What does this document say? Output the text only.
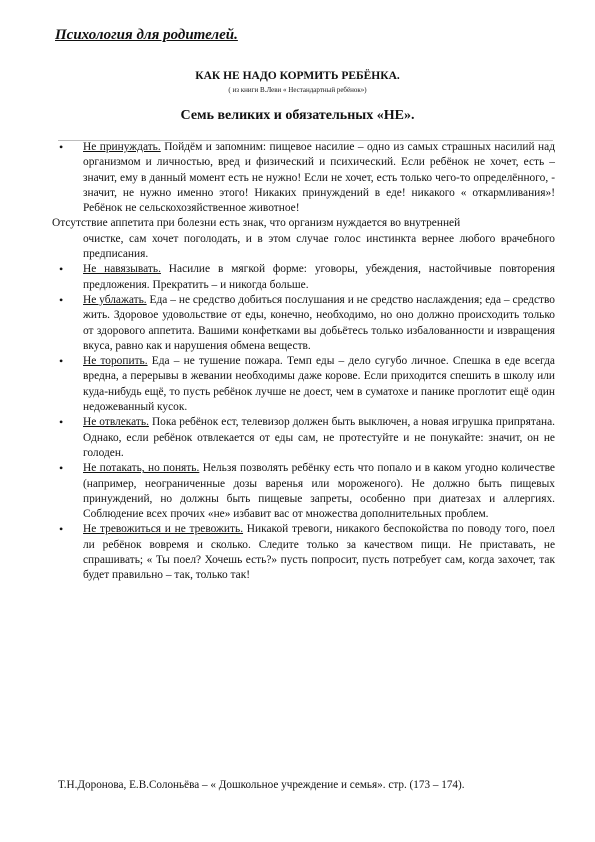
Психология для родителей.
КАК НЕ НАДО КОРМИТЬ РЕБЁНКА.
( из книги В.Леви « Нестандартный ребёнок»)
Семь великих и обязательных «НЕ».
• Не принуждать. Пойдём и запомним: пищевое насилие – одно из самых страшных насилий над организмом и личностью, вред и физический и психический. Если ребёнок не хочет, есть – значит, ему в данный момент есть не нужно! Если не хочет, есть только чего-то определённого, - значит, не нужно именно этого! Никаких принуждений в еде! никакого « откармливания»! Ребёнок не сельскохозяйственное животное!
Отсутствие аппетита при болезни есть знак, что организм нуждается во внутренней
очистке, сам хочет поголодать, и в этом случае голос инстинкта вернее любого врачебного предписания.
• Не навязывать. Насилие в мягкой форме: уговоры, убеждения, настойчивые повторения предложения. Прекратить – и никогда больше.
• Не ублажать. Еда – не средство добиться послушания и не средство наслаждения; еда – средство жить. Здоровое удовольствие от еды, конечно, необходимо, но оно должно происходить только от здорового аппетита. Вашими конфетками вы добьётесь только избалованности и извращения вкуса, равно как и нарушения обмена веществ.
• Не торопить. Еда – не тушение пожара. Темп еды – дело сугубо личное. Спешка в еде всегда вредна, а перерывы в жевании необходимы даже корове. Если приходится спешить в школу или куда-нибудь ещё, то пусть ребёнок лучше не доест, чем в суматохе и панике проглотит ещё один недожеванный кусок.
• Не отвлекать. Пока ребёнок ест, телевизор должен быть выключен, а новая игрушка припрятана. Однако, если ребёнок отвлекается от еды сам, не протестуйте и не понукайте: значит, он не голоден.
• Не потакать, но понять. Нельзя позволять ребёнку есть что попало и в каком угодно количестве (например, неограниченные дозы варенья или мороженого). Не должно быть пищевых принуждений, но должны быть пищевые запреты, особенно при диатезах и аллергиях. Соблюдение всех прочих «не» избавит вас от множества дополнительных проблем.
• Не тревожиться и не тревожить. Никакой тревоги, никакого беспокойства по поводу того, поел ли ребёнок вовремя и сколько. Следите только за качеством пищи. Не приставать, не спрашивать; « Ты поел? Хочешь есть?» пусть попросит, пусть потребует сам, когда захочет, так будет правильно – так, только так!
Т.Н.Доронова, Е.В.Солоньёва – « Дошкольное учреждение и семья». стр. (173 – 174).
